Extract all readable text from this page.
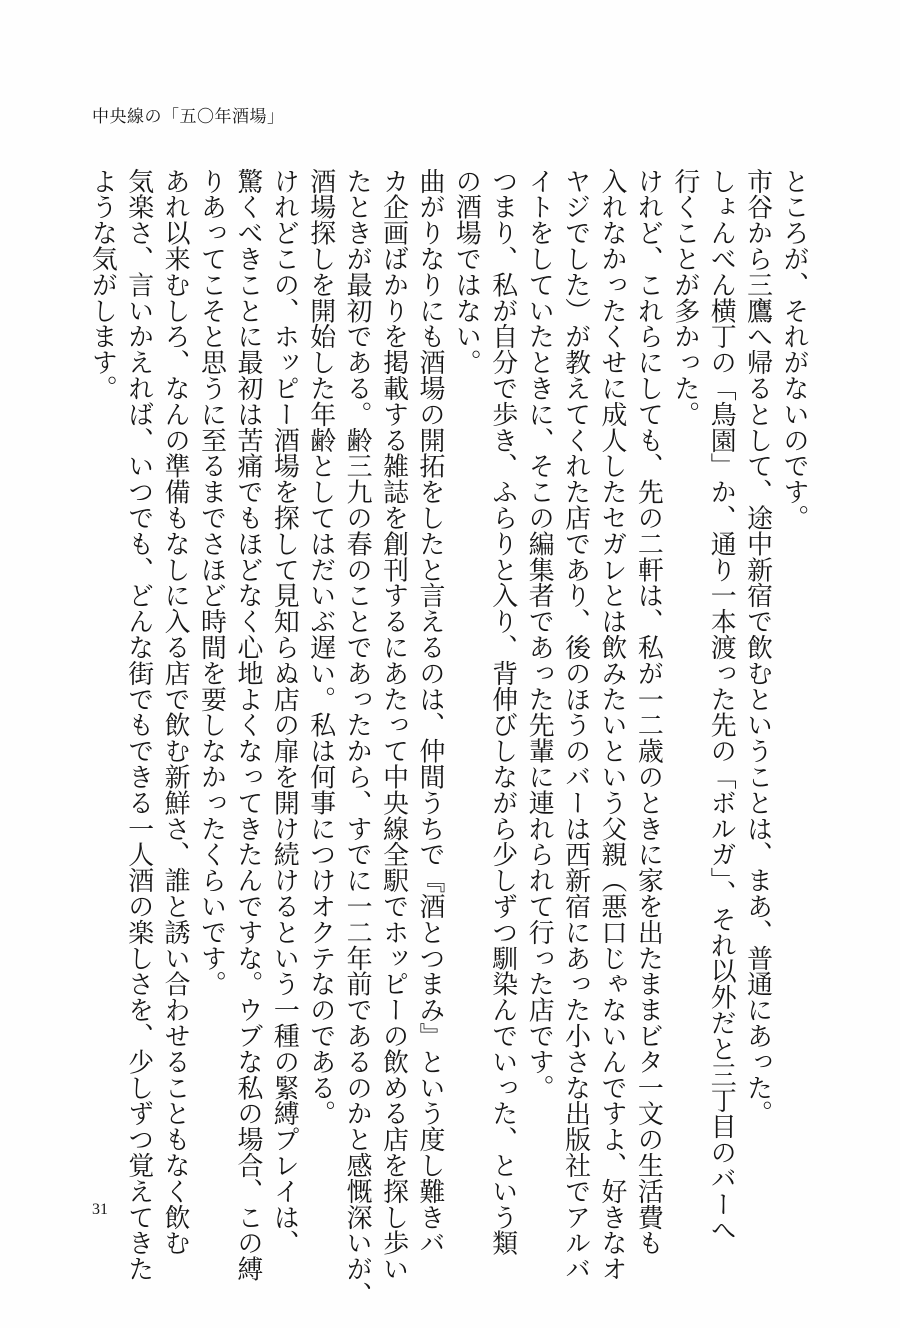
中央線の「五〇年酒場」

ところが、それがないのです。

市谷から三鷹へ帰るとして、途中新宿で飲むということは、まあ、普通にあった。

しょんべん横丁の「鳥園」か、通り一本渡った先の「ボルガ」、それ以外だと三丁目のバーへ

行くことが多かった。

けれど、これらにしても、先の二軒は、私が一二歳のときに家を出たままビタ一文の生活費も

入れなかったくせに成人したセガレとは飲みたいという父親（悪口じゃないんですよ、好きなオ

ヤジでした）が教えてくれた店であり、後のほうのバーは西新宿にあった小さな出版社でアルバ

イトをしていたときに、そこの編集者であった先輩に連れられて行った店です。

つまり、私が自分で歩き、ふらりと入り、背伸びしながら少しずつ馴染んでいった、という類

の酒場ではない。

曲がりなりにも酒場の開拓をしたと言えるのは、仲間うちで『酒とつまみ』という度し難きバ

カ企画ばかりを掲載する雑誌を創刊するにあたって中央線全駅でホッピーの飲める店を探し歩い

たときが最初である。齢三九の春のことであったから、すでに一二年前であるのかと感慨深いが、

酒場探しを開始した年齢としてはだいぶ遅い。私は何事につけオクテなのである。

けれどこの、ホッピー酒場を探して見知らぬ店の扉を開け続けるという一種の緊縛プレイは、

驚くべきことに最初は苦痛でもほどなく心地よくなってきたんですな。ウブな私の場合、この縛

りあってこそと思うに至るまでさほど時間を要しなかったくらいです。

あれ以来むしろ、なんの準備もなしに入る店で飲む新鮮さ、誰と誘い合わせることもなく飲む

気楽さ、言いかえれば、いつでも、どんな街でもできる一人酒の楽しさを、少しずつ覚えてきた

ような気がします。

31
